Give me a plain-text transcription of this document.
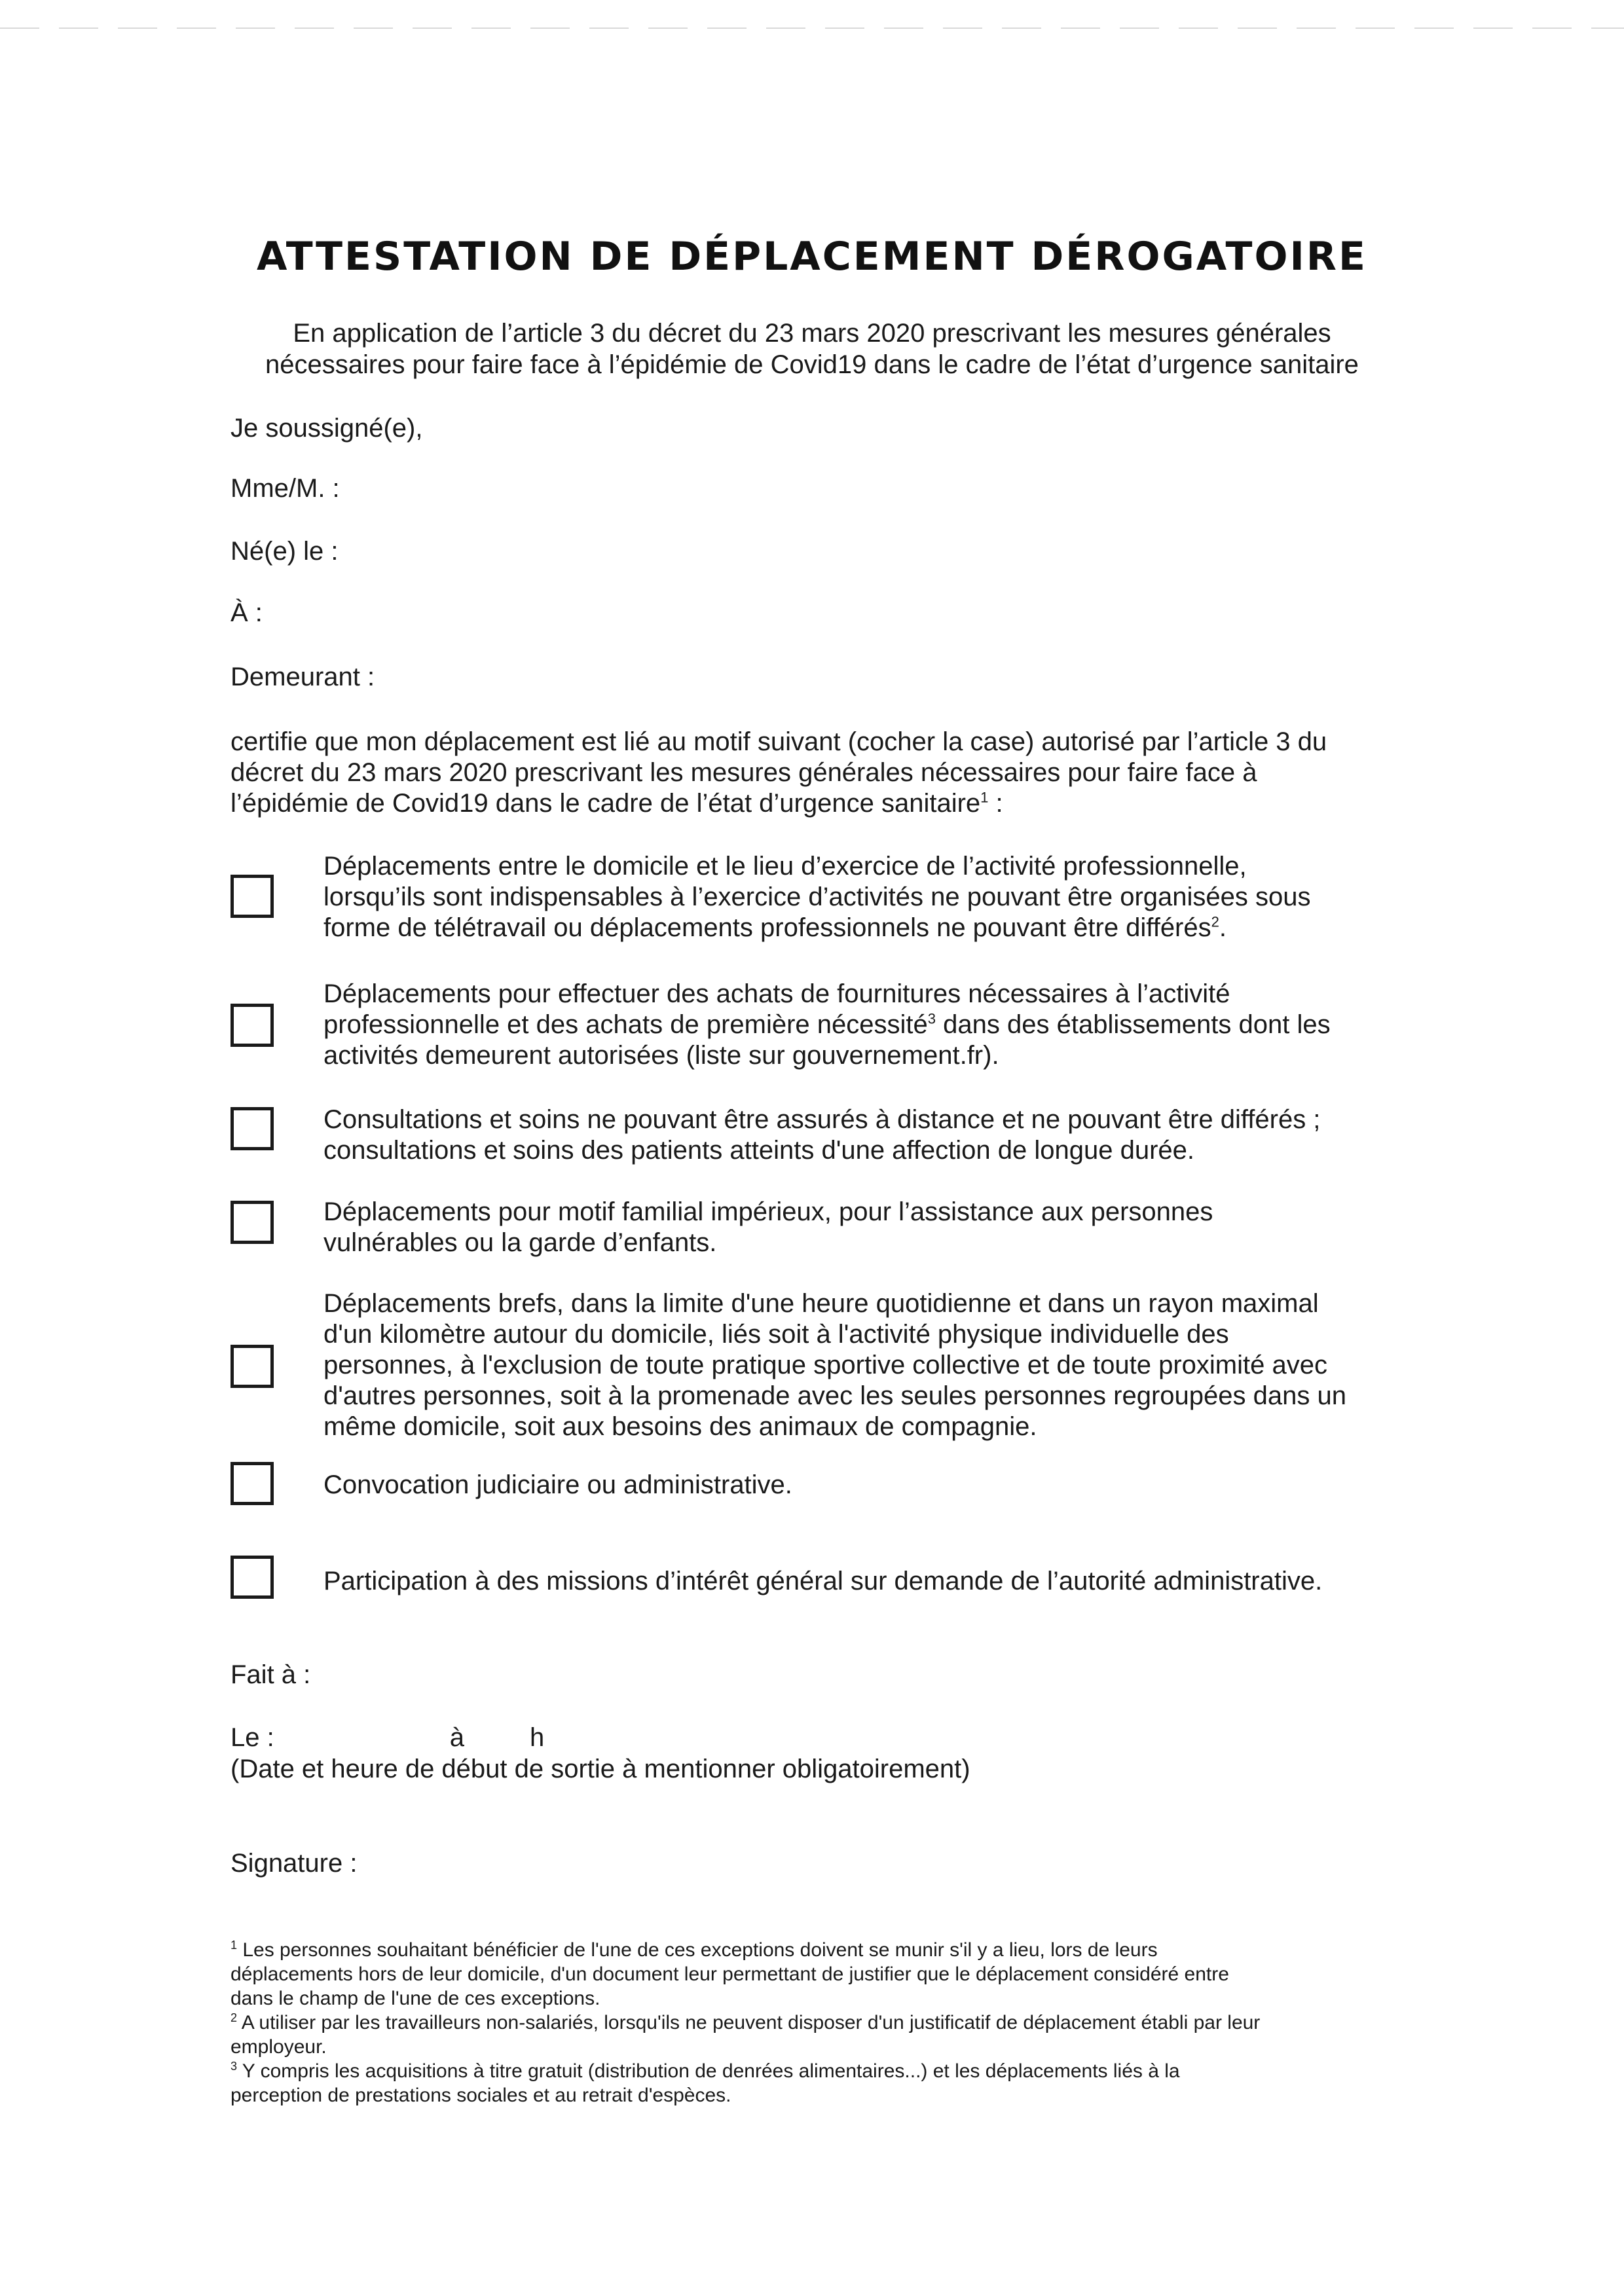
ATTESTATION DE DÉPLACEMENT DÉROGATOIRE
En application de l’article 3 du décret du 23 mars 2020 prescrivant les mesures générales
nécessaires pour faire face à l’épidémie de Covid19 dans le cadre de l’état d’urgence sanitaire
Je soussigné(e),
Mme/M. :
Né(e) le :
À :
Demeurant :
certifie que mon déplacement est lié au motif suivant (cocher la case) autorisé par l’article 3 du
décret du 23 mars 2020 prescrivant les mesures générales nécessaires pour faire face à
l’épidémie de Covid19 dans le cadre de l’état d’urgence sanitaire$^1$ :
Déplacements entre le domicile et le lieu d’exercice de l’activité professionnelle,
lorsqu’ils sont indispensables à l’exercice d’activités ne pouvant être organisées sous
forme de télétravail ou déplacements professionnels ne pouvant être différés$^2$.
Déplacements pour effectuer des achats de fournitures nécessaires à l’activité
professionnelle et des achats de première nécessité$^3$ dans des établissements dont les
activités demeurent autorisées (liste sur gouvernement.fr).
Consultations et soins ne pouvant être assurés à distance et ne pouvant être différés ;
consultations et soins des patients atteints d'une affection de longue durée.
Déplacements pour motif familial impérieux, pour l’assistance aux personnes
vulnérables ou la garde d’enfants.
Déplacements brefs, dans la limite d'une heure quotidienne et dans un rayon maximal
d'un kilomètre autour du domicile, liés soit à l'activité physique individuelle des
personnes, à l'exclusion de toute pratique sportive collective et de toute proximité avec
d'autres personnes, soit à la promenade avec les seules personnes regroupées dans un
même domicile, soit aux besoins des animaux de compagnie.
Convocation judiciaire ou administrative.
Participation à des missions d’intérêt général sur demande de l’autorité administrative.
Fait à :
Le :	à	h
(Date et heure de début de sortie à mentionner obligatoirement)
Signature :
$^1$ Les personnes souhaitant bénéficier de l'une de ces exceptions doivent se munir s'il y a lieu, lors de leurs
déplacements hors de leur domicile, d'un document leur permettant de justifier que le déplacement considéré entre
dans le champ de l'une de ces exceptions.
$^2$ A utiliser par les travailleurs non-salariés, lorsqu'ils ne peuvent disposer d'un justificatif de déplacement établi par leur
employeur.
$^3$ Y compris les acquisitions à titre gratuit (distribution de denrées alimentaires...) et les déplacements liés à la
perception de prestations sociales et au retrait d'espèces.
